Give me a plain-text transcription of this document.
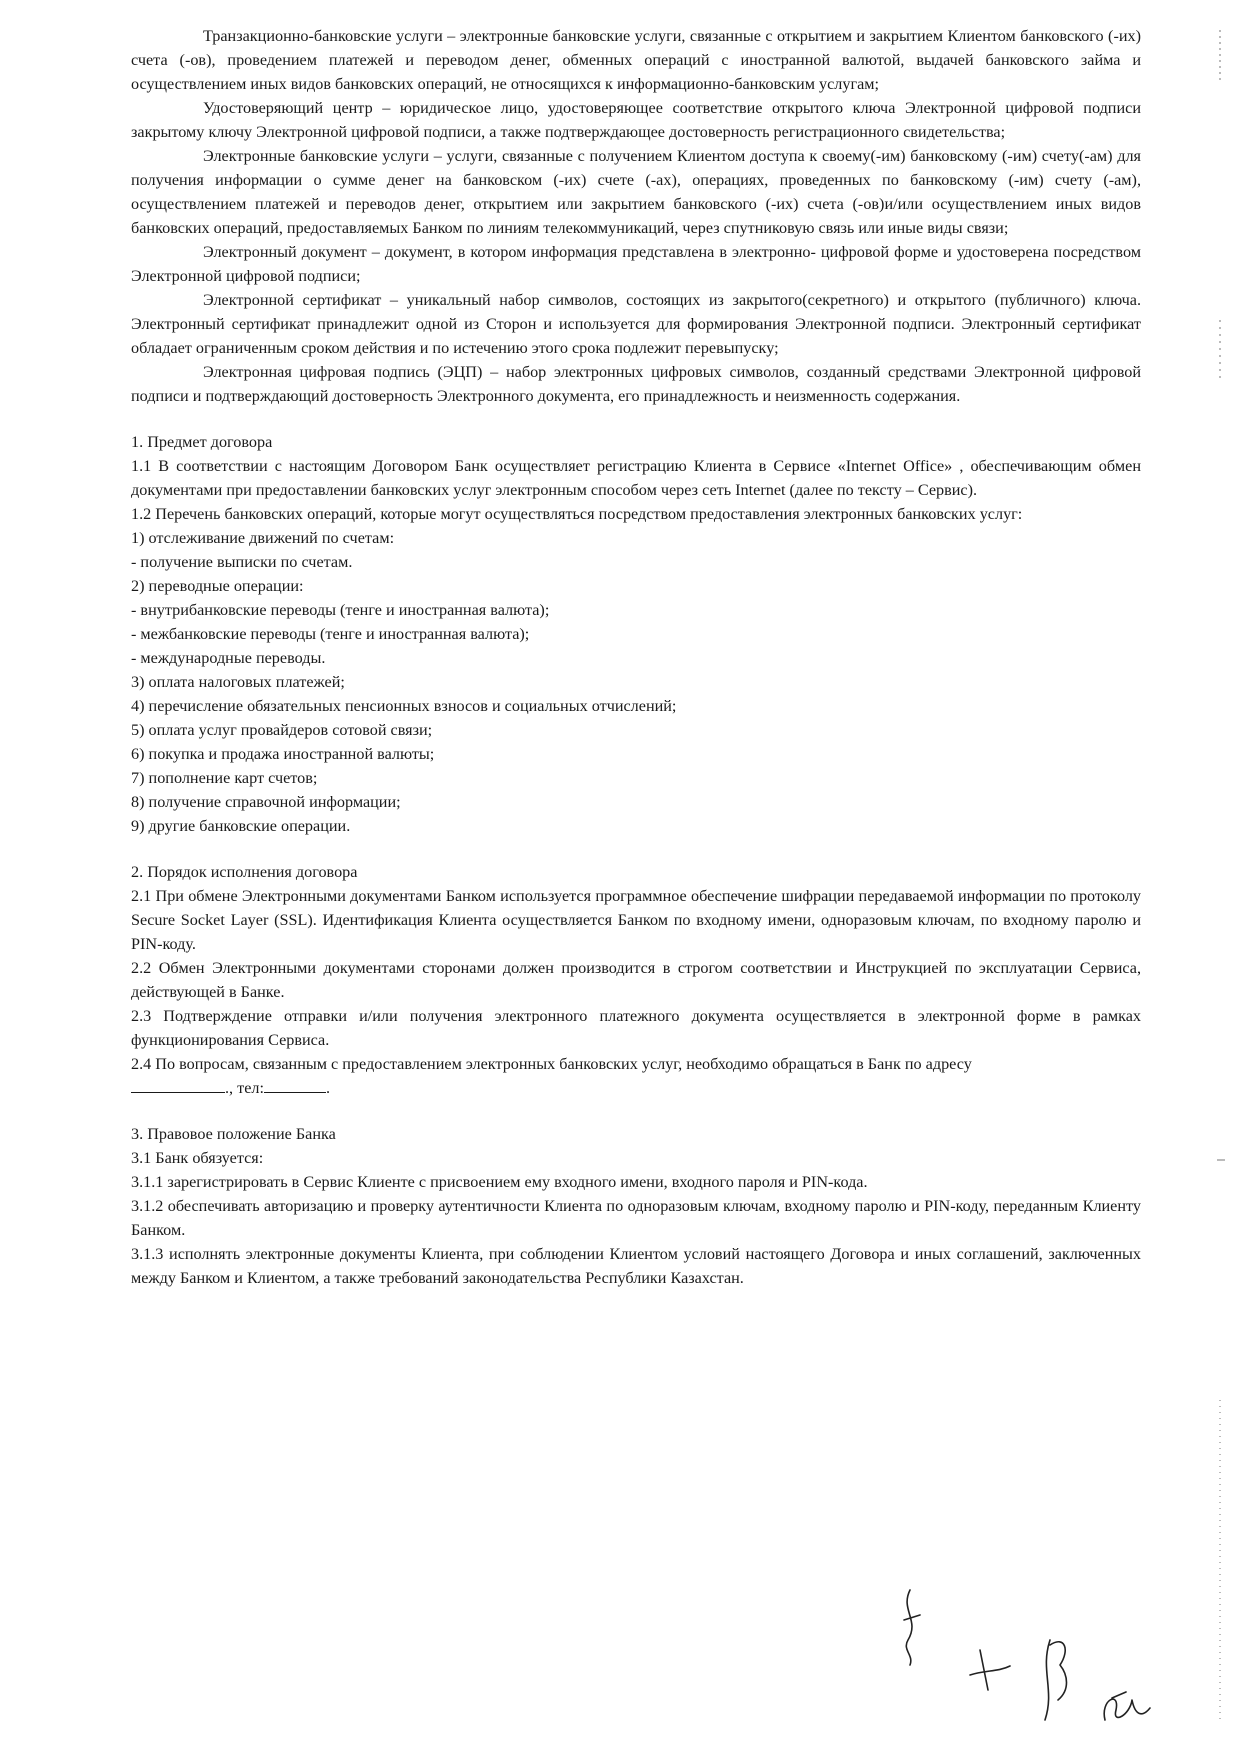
Транзакционно-банковские услуги – электронные банковские услуги, связанные с открытием и закрытием Клиентом банковского (-их) счета (-ов), проведением платежей и переводом денег, обменных операций с иностранной валютой, выдачей банковского займа и осуществлением иных видов банковских операций, не относящихся к информационно-банковским услугам;

Удостоверяющий центр – юридическое лицо, удостоверяющее соответствие открытого ключа Электронной цифровой подписи закрытому ключу Электронной цифровой подписи, а также подтверждающее достоверность регистрационного свидетельства;

Электронные банковские услуги – услуги, связанные с получением Клиентом доступа к своему(-им) банковскому (-им) счету(-ам) для получения информации о сумме денег на банковском (-их) счете (-ах), операциях, проведенных по банковскому (-им) счету (-ам), осуществлением платежей и переводов денег, открытием или закрытием банковского (-их) счета (-ов)и/или осуществлением иных видов банковских операций, предоставляемых Банком по линиям телекоммуникаций, через спутниковую связь или иные виды связи;

Электронный документ – документ, в котором информация представлена в электронно- цифровой форме и удостоверена посредством Электронной цифровой подписи;

Электронной сертификат – уникальный набор символов, состоящих из закрытого(секретного) и открытого (публичного) ключа. Электронный сертификат принадлежит одной из Сторон и используется для формирования Электронной подписи. Электронный сертификат обладает ограниченным сроком действия и по истечению этого срока подлежит перевыпуску;

Электронная цифровая подпись (ЭЦП) – набор электронных цифровых символов, созданный средствами Электронной цифровой подписи и подтверждающий достоверность Электронного документа, его принадлежность и неизменность содержания.

1. Предмет договора

1.1 В соответствии с настоящим Договором Банк осуществляет регистрацию Клиента в Сервисе «Internet Office» , обеспечивающим обмен документами при предоставлении банковских услуг электронным способом через сеть Internet (далее по тексту – Сервис).

1.2 Перечень банковских операций, которые могут осуществляться посредством предоставления электронных банковских услуг:

1) отслеживание движений по счетам:
- получение выписки по счетам.
2) переводные операции:
- внутрибанковские переводы (тенге и иностранная валюта);
- межбанковские переводы (тенге и иностранная валюта);
- международные переводы.
3) оплата налоговых платежей;
4) перечисление обязательных пенсионных взносов и социальных отчислений;
5) оплата услуг провайдеров сотовой связи;
6) покупка и продажа иностранной валюты;
7) пополнение карт счетов;
8) получение справочной информации;
9) другие банковские операции.

2. Порядок исполнения договора

2.1 При обмене Электронными документами Банком используется программное обеспечение шифрации передаваемой информации по протоколу Secure Socket Layer (SSL). Идентификация Клиента осуществляется Банком по входному имени, одноразовым ключам, по входному паролю и PIN-коду.

2.2 Обмен Электронными документами сторонами должен производится в строгом соответствии и Инструкцией по эксплуатации Сервиса, действующей в Банке.

2.3 Подтверждение отправки и/или получения электронного платежного документа осуществляется в электронной форме в рамках функционирования Сервиса.

2.4 По вопросам, связанным с предоставлением электронных банковских услуг, необходимо обращаться в Банк по адресу

., тел:	.

3. Правовое положение Банка

3.1 Банк обязуется:

3.1.1 зарегистрировать в Сервис Клиенте с присвоением ему входного имени, входного пароля и PIN-кода.

3.1.2 обеспечивать авторизацию и проверку аутентичности Клиента по одноразовым ключам, входному паролю и PIN-коду, переданным Клиенту Банком.

3.1.3 исполнять электронные документы Клиента, при соблюдении Клиентом условий настоящего Договора и иных соглашений, заключенных между Банком и Клиентом, а также требований законодательства Республики Казахстан.
